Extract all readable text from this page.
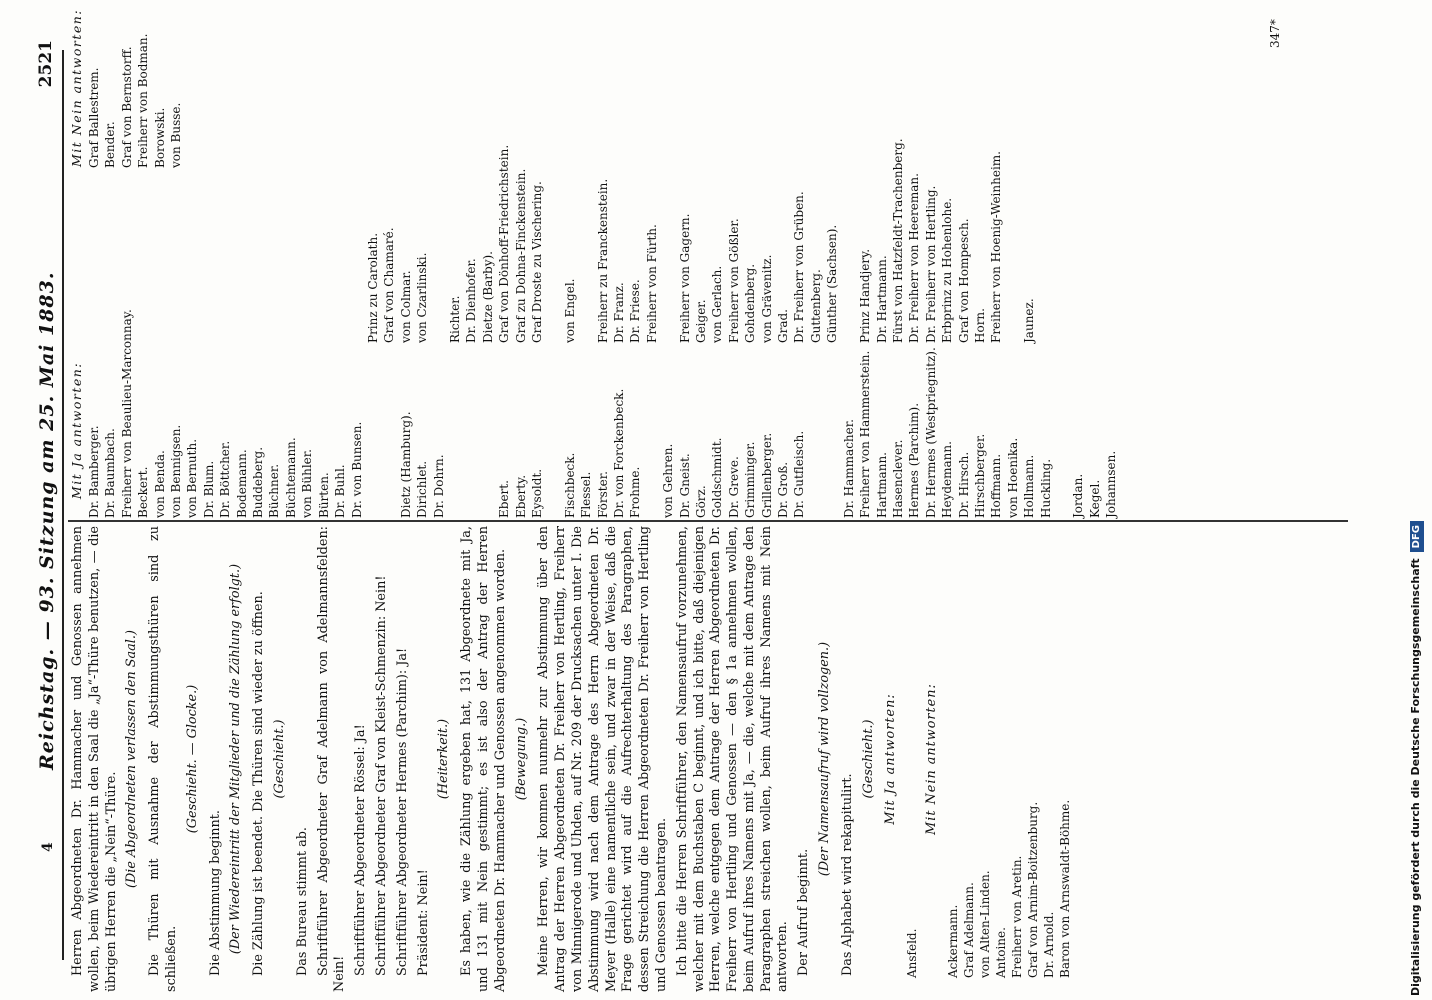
4
Reichstag. — 93. Sitzung am 25. Mai 1883.
2521

Herren Abgeordneten Dr. Hammacher und Genossen annehmen wollen, beim Wiedereintritt in den Saal die „Ja“-Thüre benutzen, — die übrigen Herren die „Nein“-Thüre. (Die Abgeordneten verlassen den Saal.) Die Thüren mit Ausnahme der Abstimmungsthüren sind zu schließen.

(Geschieht. — Glocke.)

Die Abstimmung beginnt. (Der Wiedereintritt der Mitglieder und die Zählung erfolgt.) Die Zählung ist beendet. Die Thüren sind wieder zu öffnen. (Geschieht.)

Das Bureau stimmt ab. Schriftführer Abgeordneter Graf Adelmann von Adelmannsfelden: Nein! Schriftführer Abgeordneter Rössel: Ja! Schriftführer Abgeordneter Graf von Kleist-Schmenzin: Nein! Schriftführer Abgeordneter Hermes (Parchim): Ja! Präsident: Nein!

(Heiterkeit.) Es haben, wie die Zählung ergeben hat, 131 Abgeordnete mit Ja, und 131 mit Nein gestimmt; es ist also der Antrag der Herren Abgeordneten Dr. Hammacher und Genossen angenommen worden. (Bewegung.) Meine Herren, wir kommen nunmehr zur Abstimmung über den Antrag der Herren Abgeordneten Dr. Freiherr von Hertling, Freiherr von Minnigerode und Uhden, auf Nr. 209 der Drucksachen unter I. Die Abstimmung wird nach dem Antrage des Herrn Abgeordneten Dr. Meyer (Halle) eine namentliche sein, und zwar in der Weise, daß die Frage gerichtet wird auf die Aufrechterhaltung des Paragraphen, dessen Streichung die Herren Abgeordneten Dr. Freiherr von Hertling und Genossen beantragen. Ich bitte die Herren Schriftführer, den Namensaufruf vorzunehmen, welcher mit dem Buchstaben C beginnt, und ich bitte, daß diejenigen Herren, welche entgegen dem Antrage der Herren Abgeordneten Dr. Freiherr von Hertling und Genossen — den § 1a annehmen wollen, beim Aufruf ihres Namens mit Ja, — die, welche mit dem Antrage den Paragraphen streichen wollen, beim Aufruf ihres Namens mit Nein antworten. Der Aufruf beginnt.

(Der Namensaufruf wird vollzogen.) Das Alphabet wird rekapitulirt.

(Geschieht.) Mit Ja antworten:
Ansfeld.
Mit Nein antworten:
Ackermann. Graf Adelmann. von Alten-Linden. Antoine. Freiherr von Aretin. Graf von Arnim-Boitzenburg. Dr. Arnold. Baron von Arnswaldt-Böhme.
Mit Ja antworten: Dr. Bamberger. Dr. Baumbach. Freiherr von Beaulieu-Marconnay. Beckert. von Benda. von Bennigsen. von Bernuth. Dr. Blum. Dr. Böttcher. Bodemann. Buddeberg. Büchner. Büchtemann. von Bühler. Bürten. Dr. Buhl. Dr. von Bunsen.

	Dietz (Hamburg). Dirichlet. Dr. Dohrn.

	Ebert. Eberty. Eysoldt.
Fischbeck. Flessel. Förster. Dr. von Forckenbeck. Frohme.
von Gehren. Dr. Gneist. Görz. Goldschmidt. Dr. Greve. Grimminger. Grillenberger. Dr. Groß. Dr. Gutfleisch.

	Dr. Hammacher. Freiherr von Hammerstein. Hartmann. Hasenclever. Hermes (Parchim). Dr. Hermes (Westpriegnitz). Heydemann. Dr. Hirsch. Hirschberger. Hoffmann. von Hoenika. Hollmann. Huckling.
Jordan. Kegel. Johannsen.

Prinz zu Carolath. Graf von Chamaré. von Colmar. von Czarlinski.
Richter. Dr. Dienhofer. Dietze (Barby). Graf von Dönhoff-Friedrichstein. Graf zu Dohna-Finckenstein. Graf Droste zu Vischering.
von Engel.
Freiherr zu Franckenstein. Dr. Franz. Dr. Friese. Freiherr von Fürth.
Freiherr von Gagern. Geiger. von Gerlach. Freiherr von Gößler. Gohdenberg. von Grävenitz. Grad. Dr. Freiherr von Grüben. Guttenberg. Günther (Sachsen).
Prinz Handjery. Dr. Hartmann. Fürst von Hatzfeldt-Trachenberg. Dr. Freiherr von Heereman. Dr. Freiherr von Hertling. Erbprinz zu Hohenlohe. Graf von Hompesch. Horn. Freiherr von Hoenig-Weinheim.
Jaunez.
Mit Nein antworten: Graf Ballestrem. Bender. Graf von Bernstorff. Freiherr von Bodman. Borowski. von Busse.
347*
Digitalisierung gefördert durch die Deutsche ForschungsgemeinschaftDFG
